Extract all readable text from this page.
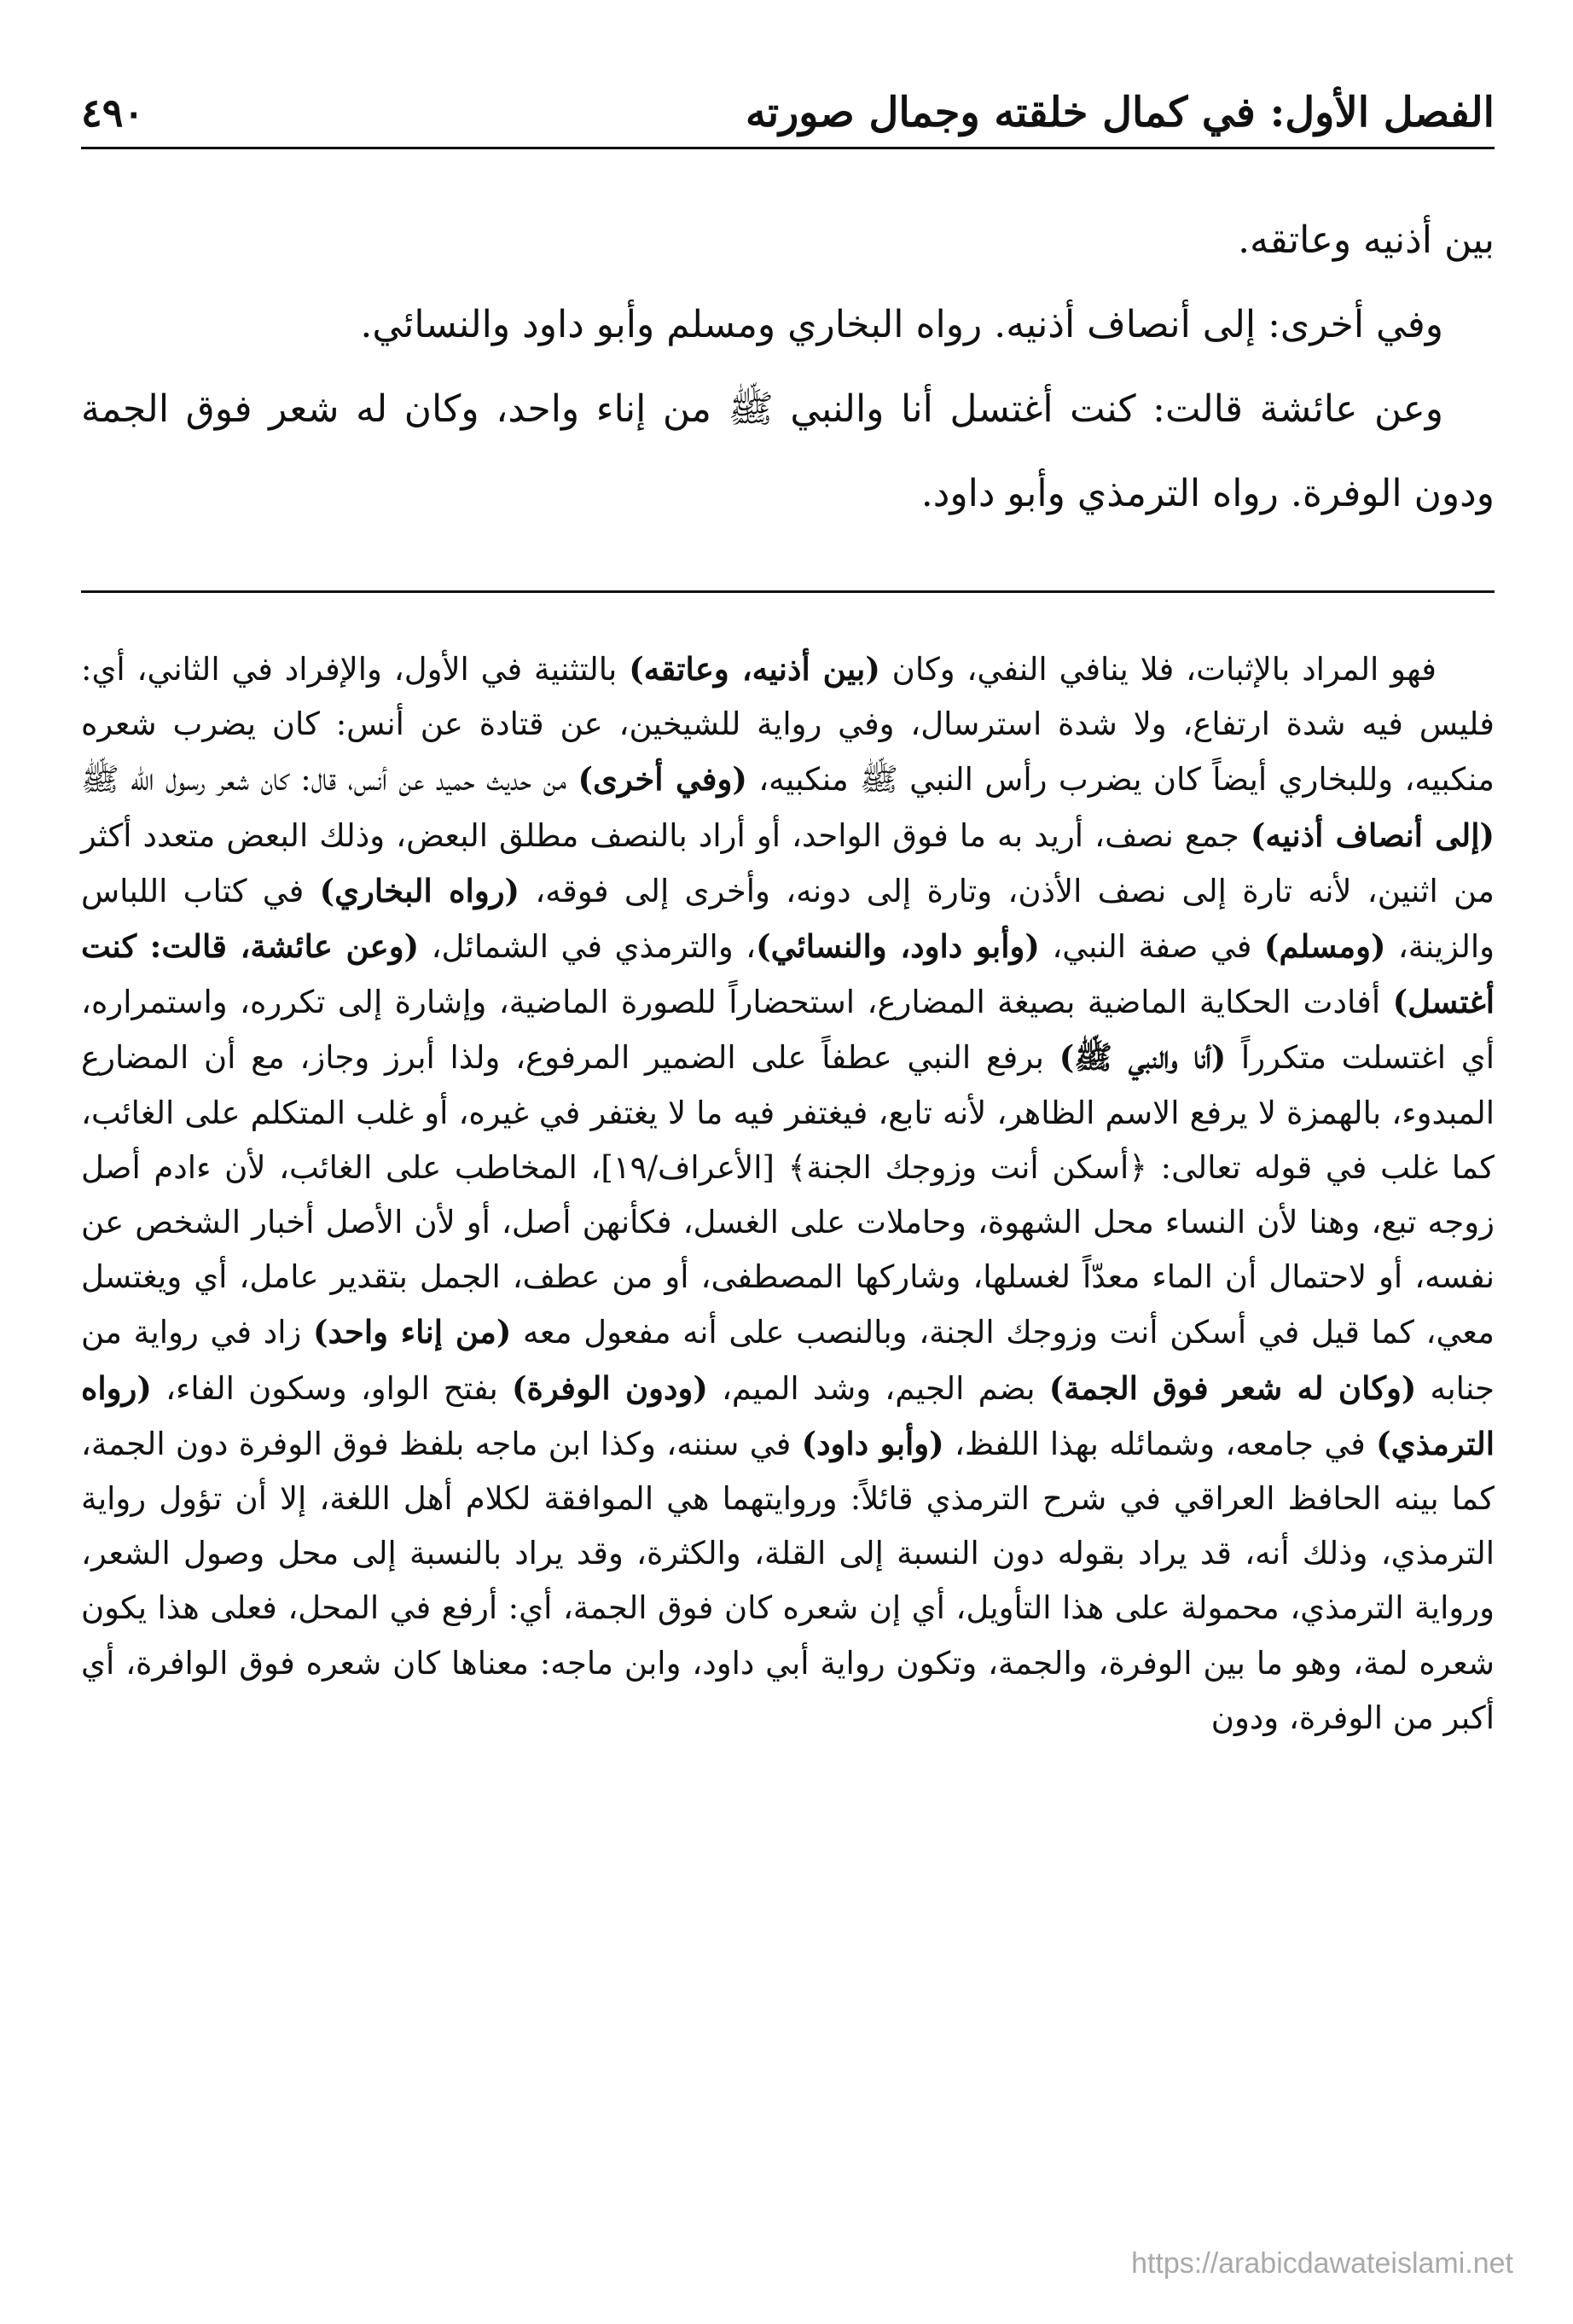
الفصل الأول: في كمال خلقته وجمال صورته
٤٩٠

بين أذنيه وعاتقه.

وفي أخرى: إلى أنصاف أذنيه. رواه البخاري ومسلم وأبو داود والنسائي.

وعن عائشة قالت: كنت أغتسل أنا والنبي ﷺ من إناء واحد، وكان له شعر فوق الجمة ودون الوفرة. رواه الترمذي وأبو داود.

فهو المراد بالإثبات، فلا ينافي النفي، وكان (بين أذنيه، وعاتقه) بالتثنية في الأول، والإفراد في الثاني، أي: فليس فيه شدة ارتفاع، ولا شدة استرسال، وفي رواية للشيخين، عن قتادة عن أنس: كان يضرب شعره منكبيه، وللبخاري أيضاً كان يضرب رأس النبي ﷺ منكبيه، (وفي أخرى) من حديث حميد عن أنس، قال: كان شعر رسول الله ﷺ (إلى أنصاف أذنيه) جمع نصف، أريد به ما فوق الواحد، أو أراد بالنصف مطلق البعض، وذلك البعض متعدد أكثر من اثنين، لأنه تارة إلى نصف الأذن، وتارة إلى دونه، وأخرى إلى فوقه، (رواه البخاري) في كتاب اللباس والزينة، (ومسلم) في صفة النبي، (وأبو داود، والنسائي)، والترمذي في الشمائل، (وعن عائشة، قالت: كنت أغتسل) أفادت الحكاية الماضية بصيغة المضارع، استحضاراً للصورة الماضية، وإشارة إلى تكرره، واستمراره، أي اغتسلت متكرراً (أنا والنبي ﷺ) برفع النبي عطفاً على الضمير المرفوع، ولذا أبرز وجاز، مع أن المضارع المبدوء، بالهمزة لا يرفع الاسم الظاهر، لأنه تابع، فيغتفر فيه ما لا يغتفر في غيره، أو غلب المتكلم على الغائب، كما غلب في قوله تعالى: ﴿أسكن أنت وزوجك الجنة﴾ [الأعراف/١٩]، المخاطب على الغائب، لأن ءادم أصل زوجه تبع، وهنا لأن النساء محل الشهوة، وحاملات على الغسل، فكأنهن أصل، أو لأن الأصل أخبار الشخص عن نفسه، أو لاحتمال أن الماء معدّاً لغسلها، وشاركها المصطفى، أو من عطف، الجمل بتقدير عامل، أي ويغتسل معي، كما قيل في أسكن أنت وزوجك الجنة، وبالنصب على أنه مفعول معه (من إناء واحد) زاد في رواية من جنابه (وكان له شعر فوق الجمة) بضم الجيم، وشد الميم، (ودون الوفرة) بفتح الواو، وسكون الفاء، (رواه الترمذي) في جامعه، وشمائله بهذا اللفظ، (وأبو داود) في سننه، وكذا ابن ماجه بلفظ فوق الوفرة دون الجمة، كما بينه الحافظ العراقي في شرح الترمذي قائلاً: وروايتهما هي الموافقة لكلام أهل اللغة، إلا أن تؤول رواية الترمذي، وذلك أنه، قد يراد بقوله دون النسبة إلى القلة، والكثرة، وقد يراد بالنسبة إلى محل وصول الشعر، ورواية الترمذي، محمولة على هذا التأويل، أي إن شعره كان فوق الجمة، أي: أرفع في المحل، فعلى هذا يكون شعره لمة، وهو ما بين الوفرة، والجمة، وتكون رواية أبي داود، وابن ماجه: معناها كان شعره فوق الوافرة، أي أكبر من الوفرة، ودون

https://arabicdawateislami.net
